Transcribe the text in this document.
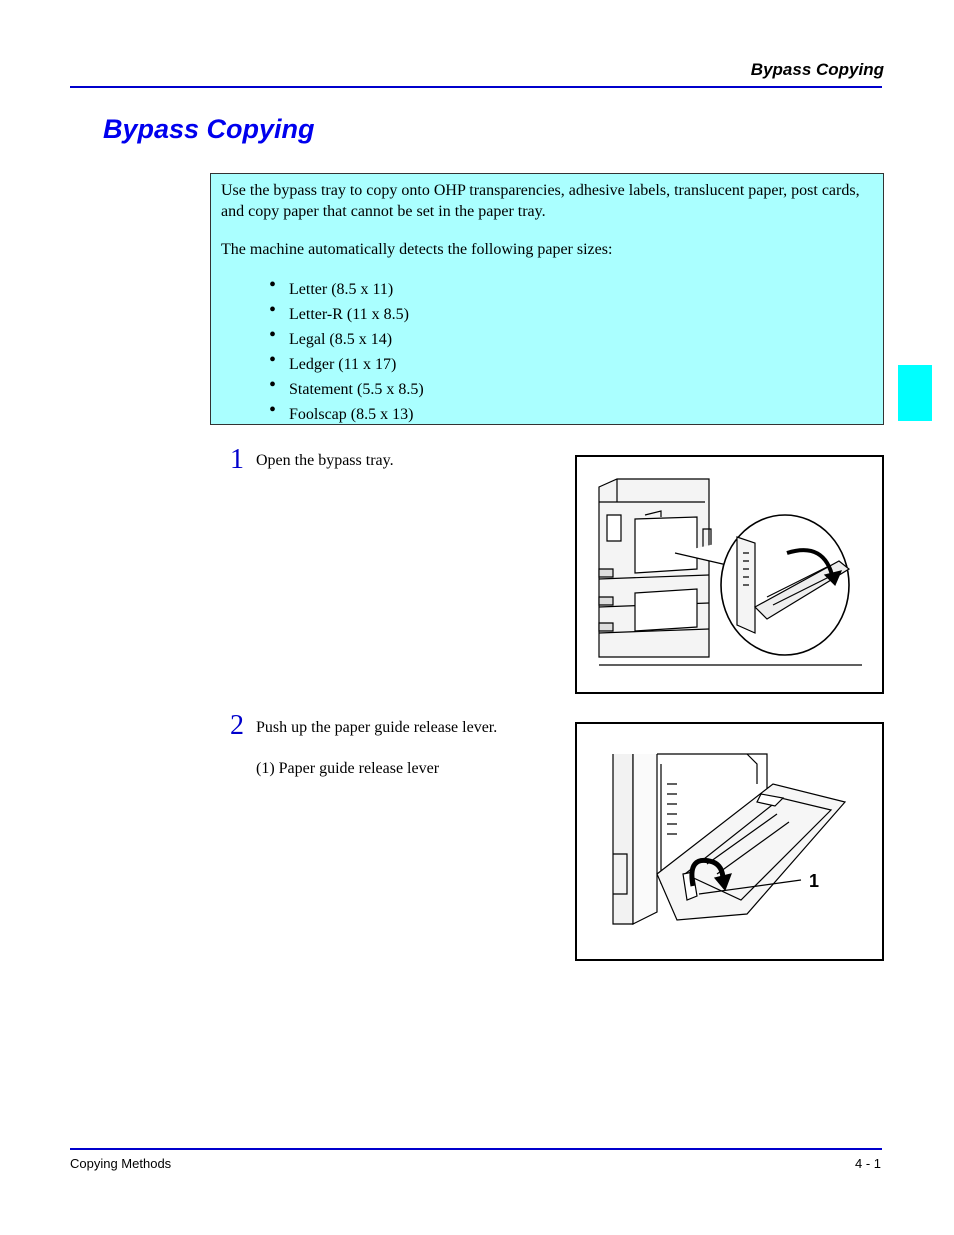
Bypass Copying
Bypass Copying

Use the bypass tray to copy onto OHP transparencies, adhesive labels, translucent paper, post cards, and copy paper that cannot be set in the paper tray.

The machine automatically detects the following paper sizes:

• Letter (8.5 x 11)
• Letter-R (11 x 8.5)
• Legal (8.5 x 14)
• Ledger (11 x 17)
• Statement (5.5 x 8.5)
• Foolscap (8.5 x 13)
1 Open the bypass tray.
2 Push up the paper guide release lever.
(1) Paper guide release lever
1
Copying Methods	4 - 1
